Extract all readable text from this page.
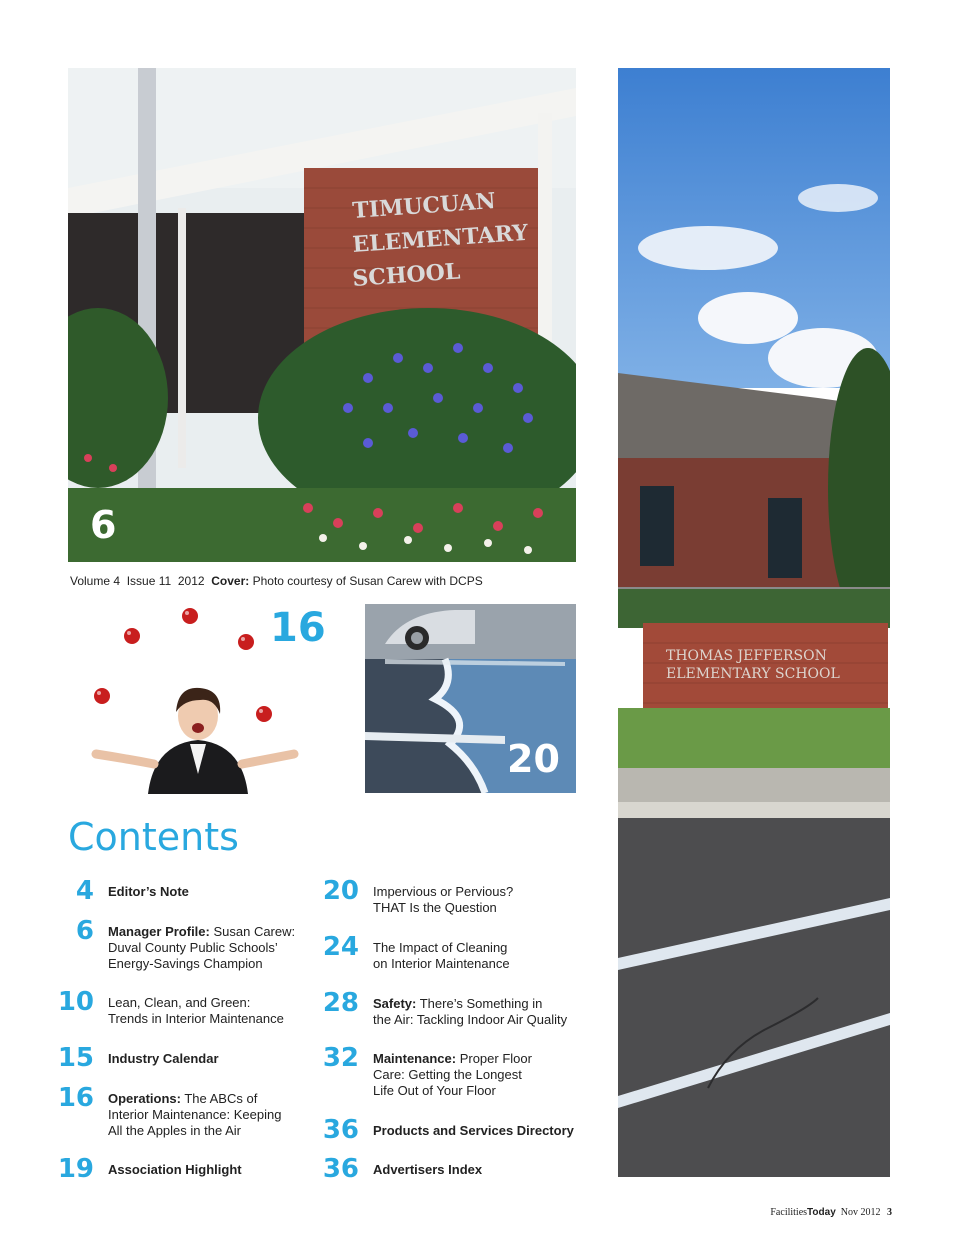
TIMUCUAN
ELEMENTARY
SCHOOL
6
THOMAS JEFFERSON
ELEMENTARY SCHOOL
Volume 4 Issue 11 2012 Cover: Photo courtesy of Susan Carew with DCPS
16
20
Contents
4 Editor’s Note
6 Manager Profile: Susan Carew:
Duval County Public Schools’
Energy-Savings Champion
10 Lean, Clean, and Green:
Trends in Interior Maintenance
15 Industry Calendar
16 Operations: The ABCs of
Interior Maintenance: Keeping
All the Apples in the Air
19 Association Highlight
20 Impervious or Pervious?
THAT Is the Question
24 The Impact of Cleaning
on Interior Maintenance
28 Safety: There’s Something in
the Air: Tackling Indoor Air Quality
32 Maintenance: Proper Floor
Care: Getting the Longest
Life Out of Your Floor
36 Products and Services Directory
36 Advertisers Index
FacilitiesToday Nov 2012 3
